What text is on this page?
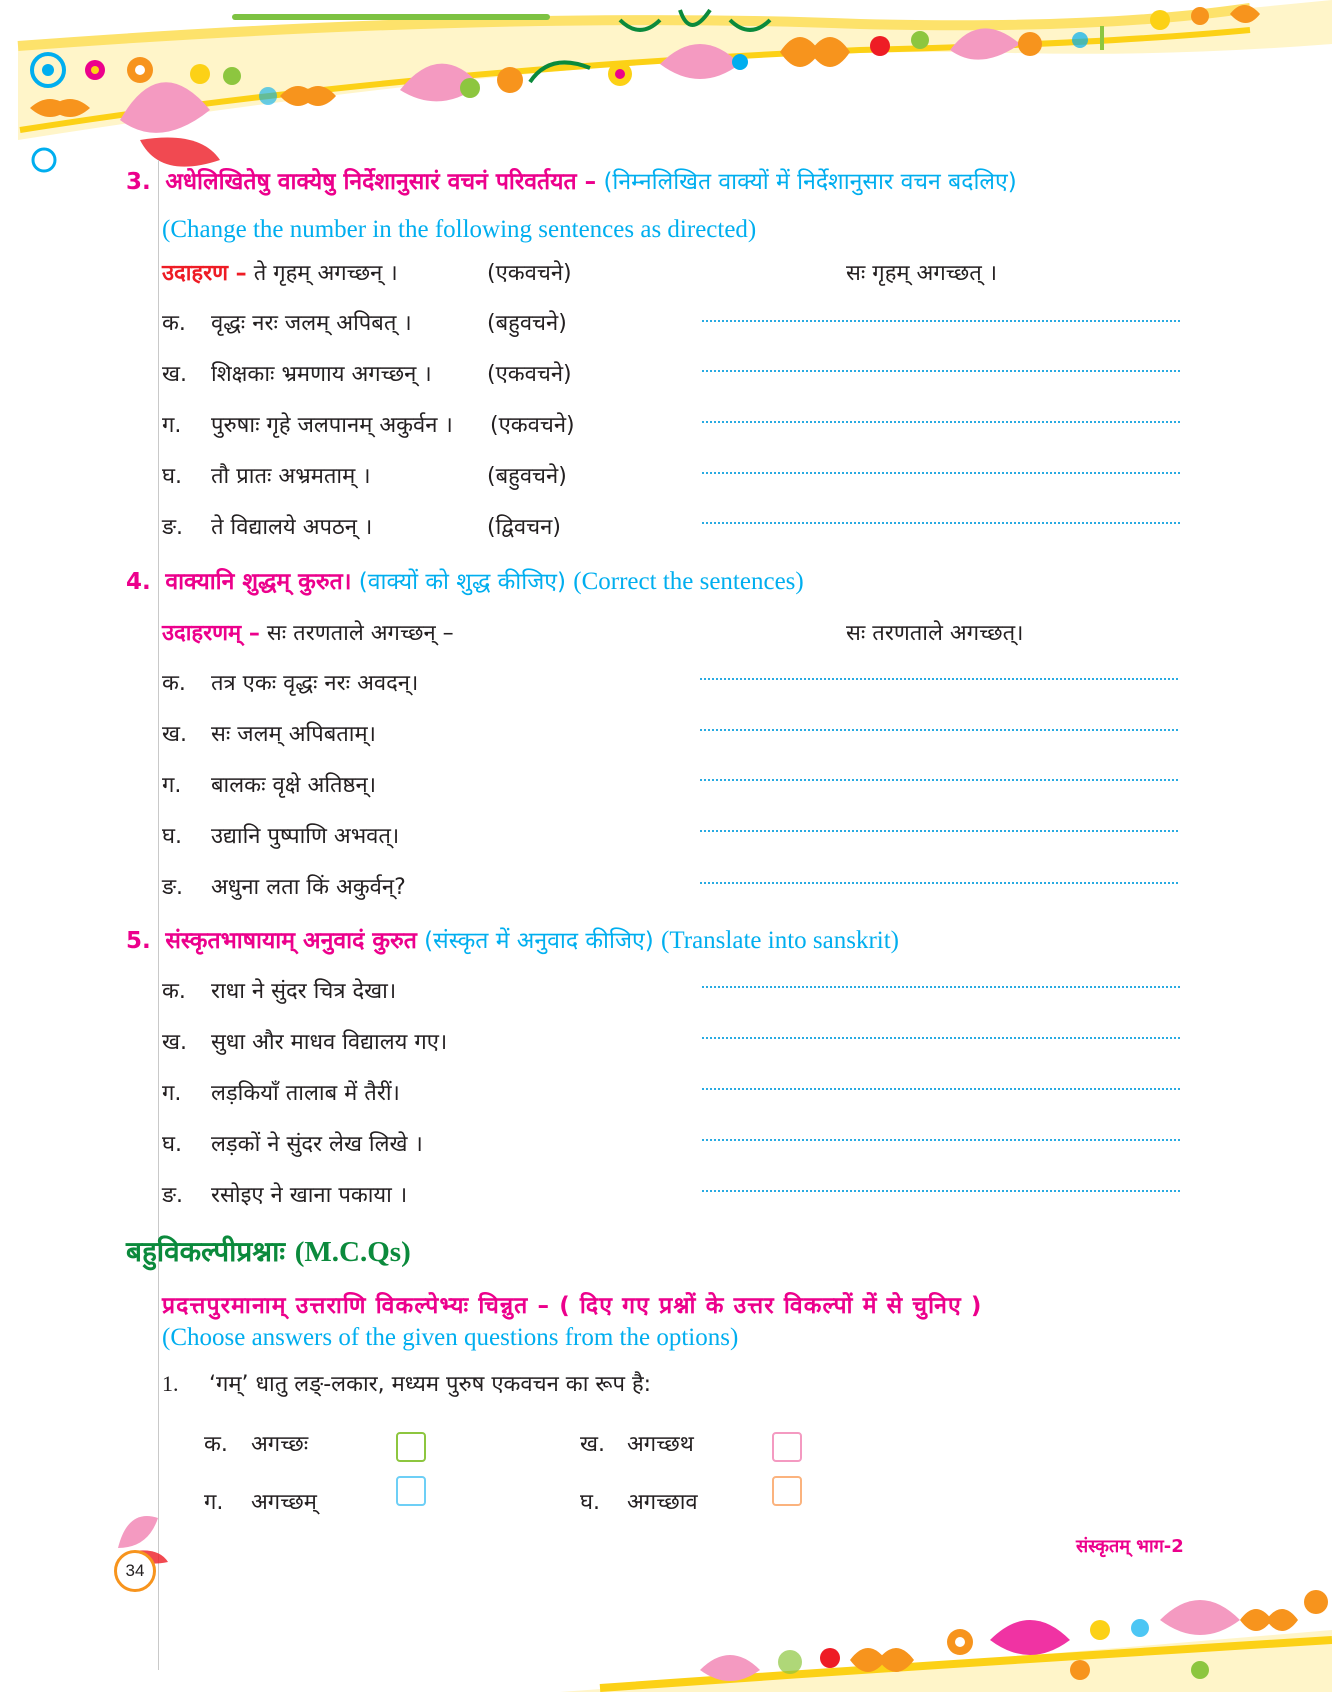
3. अधेलिखितेषु वाक्येषु निर्देशानुसारं वचनं परिवर्तयत – (निम्नलिखित वाक्यों में निर्देशानुसार वचन बदलिए)
(Change the number in the following sentences as directed)
उदाहरण – ते गृहम् अगच्छन् ।	(एकवचने)	सः गृहम् अगच्छत् ।
क. वृद्धः नरः जलम् अपिबत् ।	(बहुवचने)
ख. शिक्षकाः भ्रमणाय अगच्छन् ।	(एकवचने)
ग. पुरुषाः गृहे जलपानम् अकुर्वन । (एकवचने)
घ. तौ प्रातः अभ्रमताम् ।	(बहुवचने)
ङ. ते विद्यालये अपठन् ।	(द्विवचन)
4. वाक्यानि शुद्धम् कुरुत। (वाक्यों को शुद्ध कीजिए) (Correct the sentences)
उदाहरणम् – सः तरणताले अगच्छन् –	सः तरणताले अगच्छत्।
क. तत्र एकः वृद्धः नरः अवदन्।
ख. सः जलम् अपिबताम्।
ग. बालकः वृक्षे अतिष्ठन्।
घ. उद्यानि पुष्पाणि अभवत्।
ङ. अधुना लता किं अकुर्वन्?
5. संस्कृतभाषायाम् अनुवादं कुरुत (संस्कृत में अनुवाद कीजिए) (Translate into sanskrit)
क. राधा ने सुंदर चित्र देखा।
ख. सुधा और माधव विद्यालय गए।
ग. लड़कियाँ तालाब में तैरीं।
घ. लड़कों ने सुंदर लेख लिखे ।
ङ. रसोइए ने खाना पकाया ।
बहुविकल्पीप्रश्नाः (M.C.Qs)
प्रदत्तपुरमानाम् उत्तराणि विकल्पेभ्यः चिन्नुत – ( दिए गए प्रश्नों के उत्तर विकल्पों में से चुनिए )
(Choose answers of the given questions from the options)
1. ‘गम्’ धातु लङ्-लकार, मध्यम पुरुष एकवचन का रूप है:
क. अगच्छः	ख. अगच्छथ
ग. अगच्छम्	घ. अगच्छाव
34
संस्कृतम् भाग-2
